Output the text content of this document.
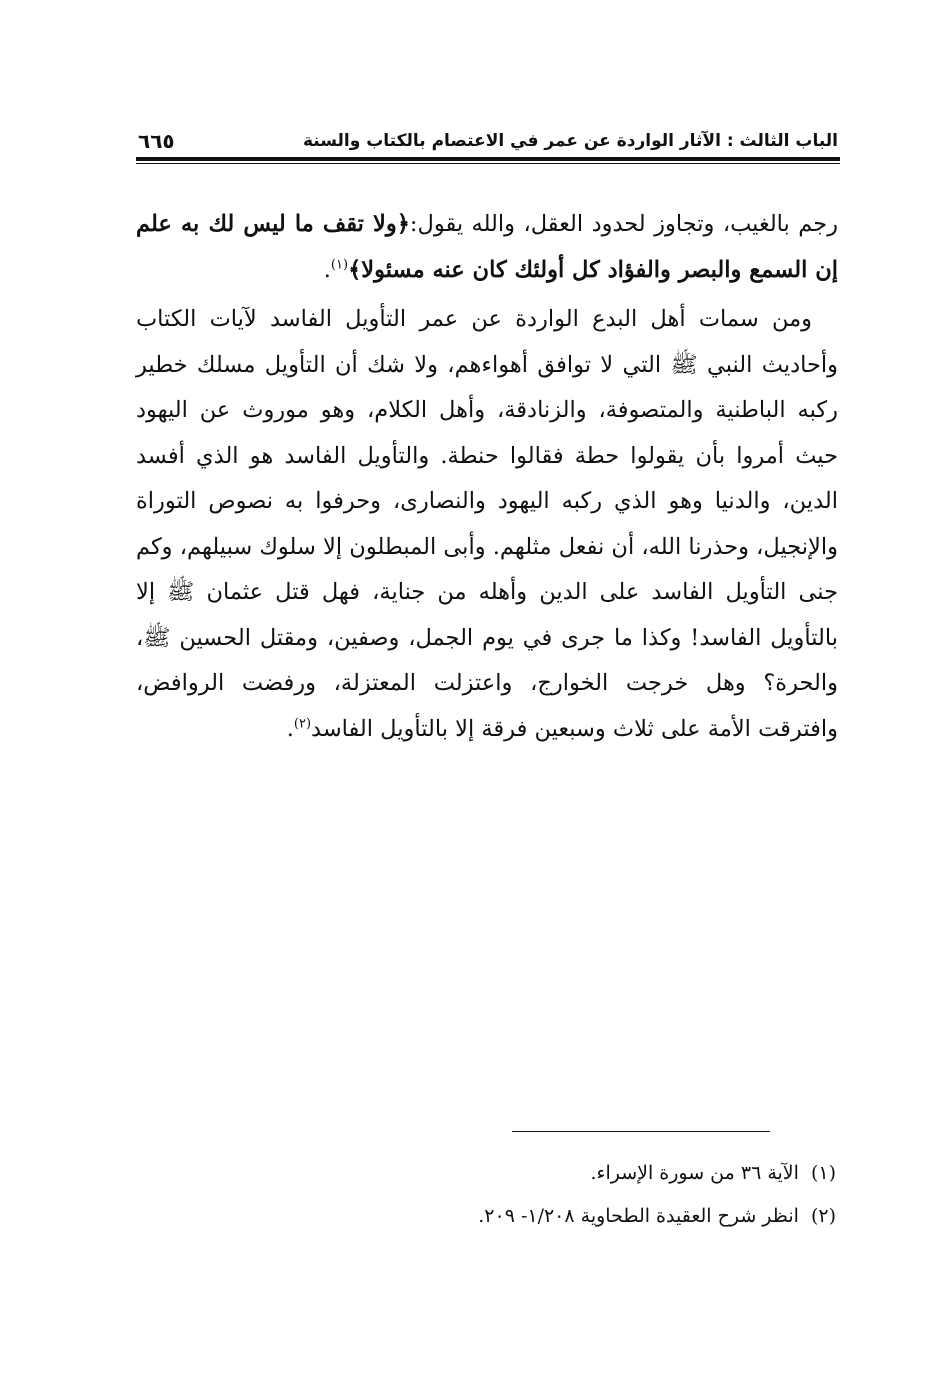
الباب الثالث : الآثار الواردة عن عمر في الاعتصام بالكتاب والسنة
٦٦٥

رجم بالغيب، وتجاوز لحدود العقل، والله يقول:﴿ولا تقف ما ليس لك به علم إن السمع والبصر والفؤاد كل أولئك كان عنه مسئولا﴾$^{(١)}$.

ومن سمات أهل البدع الواردة عن عمر التأويل الفاسد لآيات الكتاب وأحاديث النبي ﷺ التي لا توافق أهواءهم، ولا شك أن التأويل مسلك خطير ركبه الباطنية والمتصوفة، والزنادقة، وأهل الكلام، وهو موروث عن اليهود حيث أمروا بأن يقولوا حطة فقالوا حنطة. والتأويل الفاسد هو الذي أفسد الدين، والدنيا وهو الذي ركبه اليهود والنصارى، وحرفوا به نصوص التوراة والإنجيل، وحذرنا الله، أن نفعل مثلهم. وأبى المبطلون إلا سلوك سبيلهم، وكم جنى التأويل الفاسد على الدين وأهله من جناية، فهل قتل عثمان ﷺ إلا بالتأويل الفاسد! وكذا ما جرى في يوم الجمل، وصفين، ومقتل الحسين ﷺ، والحرة؟ وهل خرجت الخوارج، واعتزلت المعتزلة، ورفضت الروافض، وافترقت الأمة على ثلاث وسبعين فرقة إلا بالتأويل الفاسد$^{(٢)}$.

(١)
الآية ٣٦ من سورة الإسراء.
(٢)
انظر شرح العقيدة الطحاوية ١/٢٠٨- ٢٠٩.
